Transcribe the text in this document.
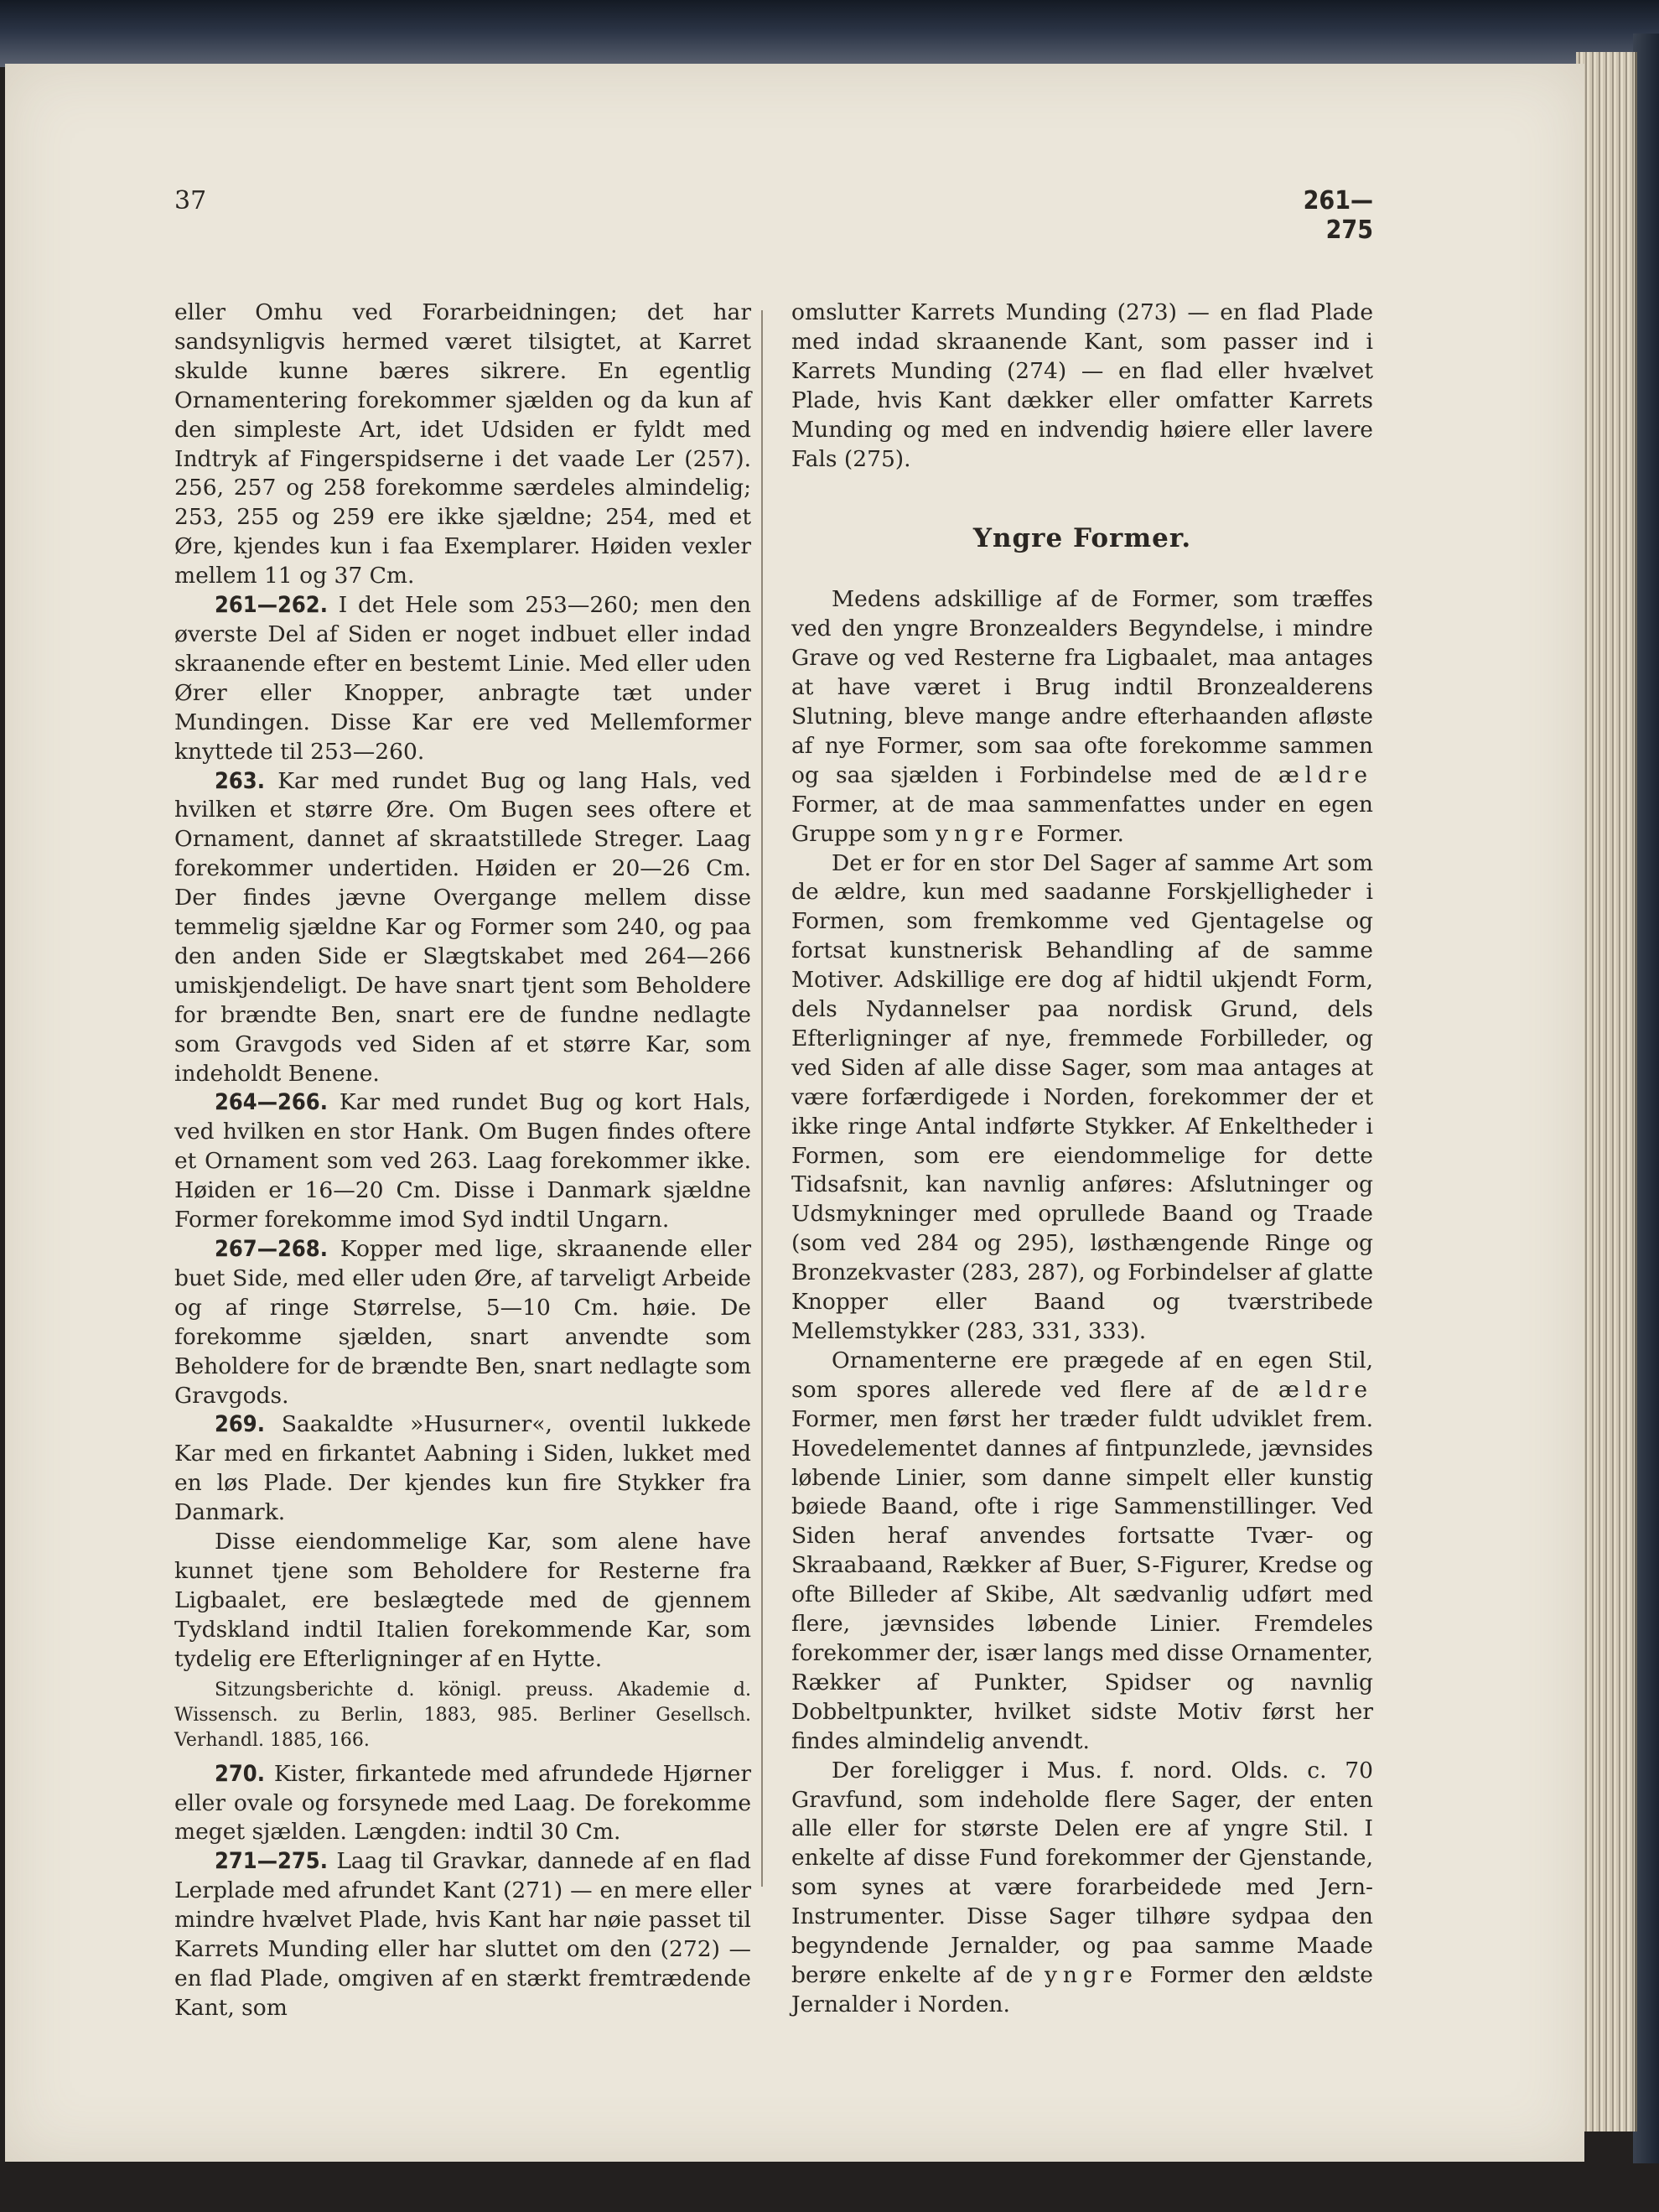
37	261—275

eller Omhu ved Forarbeidningen; det har sandsynligvis hermed været tilsigtet, at Karret skulde kunne bæres sikrere. En egentlig Ornamentering forekommer sjælden og da kun af den simpleste Art, idet Udsiden er fyldt med Indtryk af Fingerspidserne i det vaade Ler (257). 256, 257 og 258 forekomme særdeles almindelig; 253, 255 og 259 ere ikke sjældne; 254, med et Øre, kjendes kun i faa Exemplarer. Høiden vexler mellem 11 og 37 Cm.

261—262. I det Hele som 253—260; men den øverste Del af Siden er noget indbuet eller indad skraanende efter en bestemt Linie. Med eller uden Ører eller Knopper, anbragte tæt under Mundingen. Disse Kar ere ved Mellemformer knyttede til 253—260.

263. Kar med rundet Bug og lang Hals, ved hvilken et større Øre. Om Bugen sees oftere et Ornament, dannet af skraatstillede Streger. Laag forekommer undertiden. Høiden er 20—26 Cm. Der findes jævne Overgange mellem disse temmelig sjældne Kar og Former som 240, og paa den anden Side er Slægtskabet med 264—266 umiskjendeligt. De have snart tjent som Beholdere for brændte Ben, snart ere de fundne nedlagte som Gravgods ved Siden af et større Kar, som indeholdt Benene.

264—266. Kar med rundet Bug og kort Hals, ved hvilken en stor Hank. Om Bugen findes oftere et Ornament som ved 263. Laag forekommer ikke. Høiden er 16—20 Cm. Disse i Danmark sjældne Former forekomme imod Syd indtil Ungarn.

267—268. Kopper med lige, skraanende eller buet Side, med eller uden Øre, af tarveligt Arbeide og af ringe Størrelse, 5—10 Cm. høie. De forekomme sjælden, snart anvendte som Beholdere for de brændte Ben, snart nedlagte som Gravgods.

269. Saakaldte »Husurner«, oventil lukkede Kar med en firkantet Aabning i Siden, lukket med en løs Plade. Der kjendes kun fire Stykker fra Danmark.

Disse eiendommelige Kar, som alene have kunnet tjene som Beholdere for Resterne fra Ligbaalet, ere beslægtede med de gjennem Tydskland indtil Italien forekommende Kar, som tydelig ere Efterligninger af en Hytte.

Sitzungsberichte d. königl. preuss. Akademie d. Wissensch. zu Berlin, 1883, 985. Berliner Gesellsch. Verhandl. 1885, 166.

270. Kister, firkantede med afrundede Hjørner eller ovale og forsynede med Laag. De forekomme meget sjælden. Længden: indtil 30 Cm.

271—275. Laag til Gravkar, dannede af en flad Lerplade med afrundet Kant (271) — en mere eller mindre hvælvet Plade, hvis Kant har nøie passet til Karrets Munding eller har sluttet om den (272) — en flad Plade, omgiven af en stærkt fremtrædende Kant, som

omslutter Karrets Munding (273) — en flad Plade med indad skraanende Kant, som passer ind i Karrets Munding (274) — en flad eller hvælvet Plade, hvis Kant dækker eller omfatter Karrets Munding og med en indvendig høiere eller lavere Fals (275).

Yngre Former.

Medens adskillige af de Former, som træffes ved den yngre Bronzealders Begyndelse, i mindre Grave og ved Resterne fra Ligbaalet, maa antages at have været i Brug indtil Bronzealderens Slutning, bleve mange andre efterhaanden afløste af nye Former, som saa ofte forekomme sammen og saa sjælden i Forbindelse med de ældre Former, at de maa sammenfattes under en egen Gruppe som yngre Former.

Det er for en stor Del Sager af samme Art som de ældre, kun med saadanne Forskjelligheder i Formen, som fremkomme ved Gjentagelse og fortsat kunstnerisk Behandling af de samme Motiver. Adskillige ere dog af hidtil ukjendt Form, dels Nydannelser paa nordisk Grund, dels Efterligninger af nye, fremmede Forbilleder, og ved Siden af alle disse Sager, som maa antages at være forfærdigede i Norden, forekommer der et ikke ringe Antal indførte Stykker. Af Enkeltheder i Formen, som ere eiendommelige for dette Tidsafsnit, kan navnlig anføres: Afslutninger og Udsmykninger med oprullede Baand og Traade (som ved 284 og 295), løsthængende Ringe og Bronzekvaster (283, 287), og Forbindelser af glatte Knopper eller Baand og tværstribede Mellemstykker (283, 331, 333).

Ornamenterne ere prægede af en egen Stil, som spores allerede ved flere af de ældre Former, men først her træder fuldt udviklet frem. Hovedelementet dannes af fintpunzlede, jævnsides løbende Linier, som danne simpelt eller kunstig bøiede Baand, ofte i rige Sammenstillinger. Ved Siden heraf anvendes fortsatte Tvær- og Skraabaand, Rækker af Buer, S-Figurer, Kredse og ofte Billeder af Skibe, Alt sædvanlig udført med flere, jævnsides løbende Linier. Fremdeles forekommer der, især langs med disse Ornamenter, Rækker af Punkter, Spidser og navnlig Dobbeltpunkter, hvilket sidste Motiv først her findes almindelig anvendt.

Der foreligger i Mus. f. nord. Olds. c. 70 Gravfund, som indeholde flere Sager, der enten alle eller for største Delen ere af yngre Stil. I enkelte af disse Fund forekommer der Gjenstande, som synes at være forarbeidede med Jern-Instrumenter. Disse Sager tilhøre sydpaa den begyndende Jernalder, og paa samme Maade berøre enkelte af de yngre Former den ældste Jernalder i Norden.
